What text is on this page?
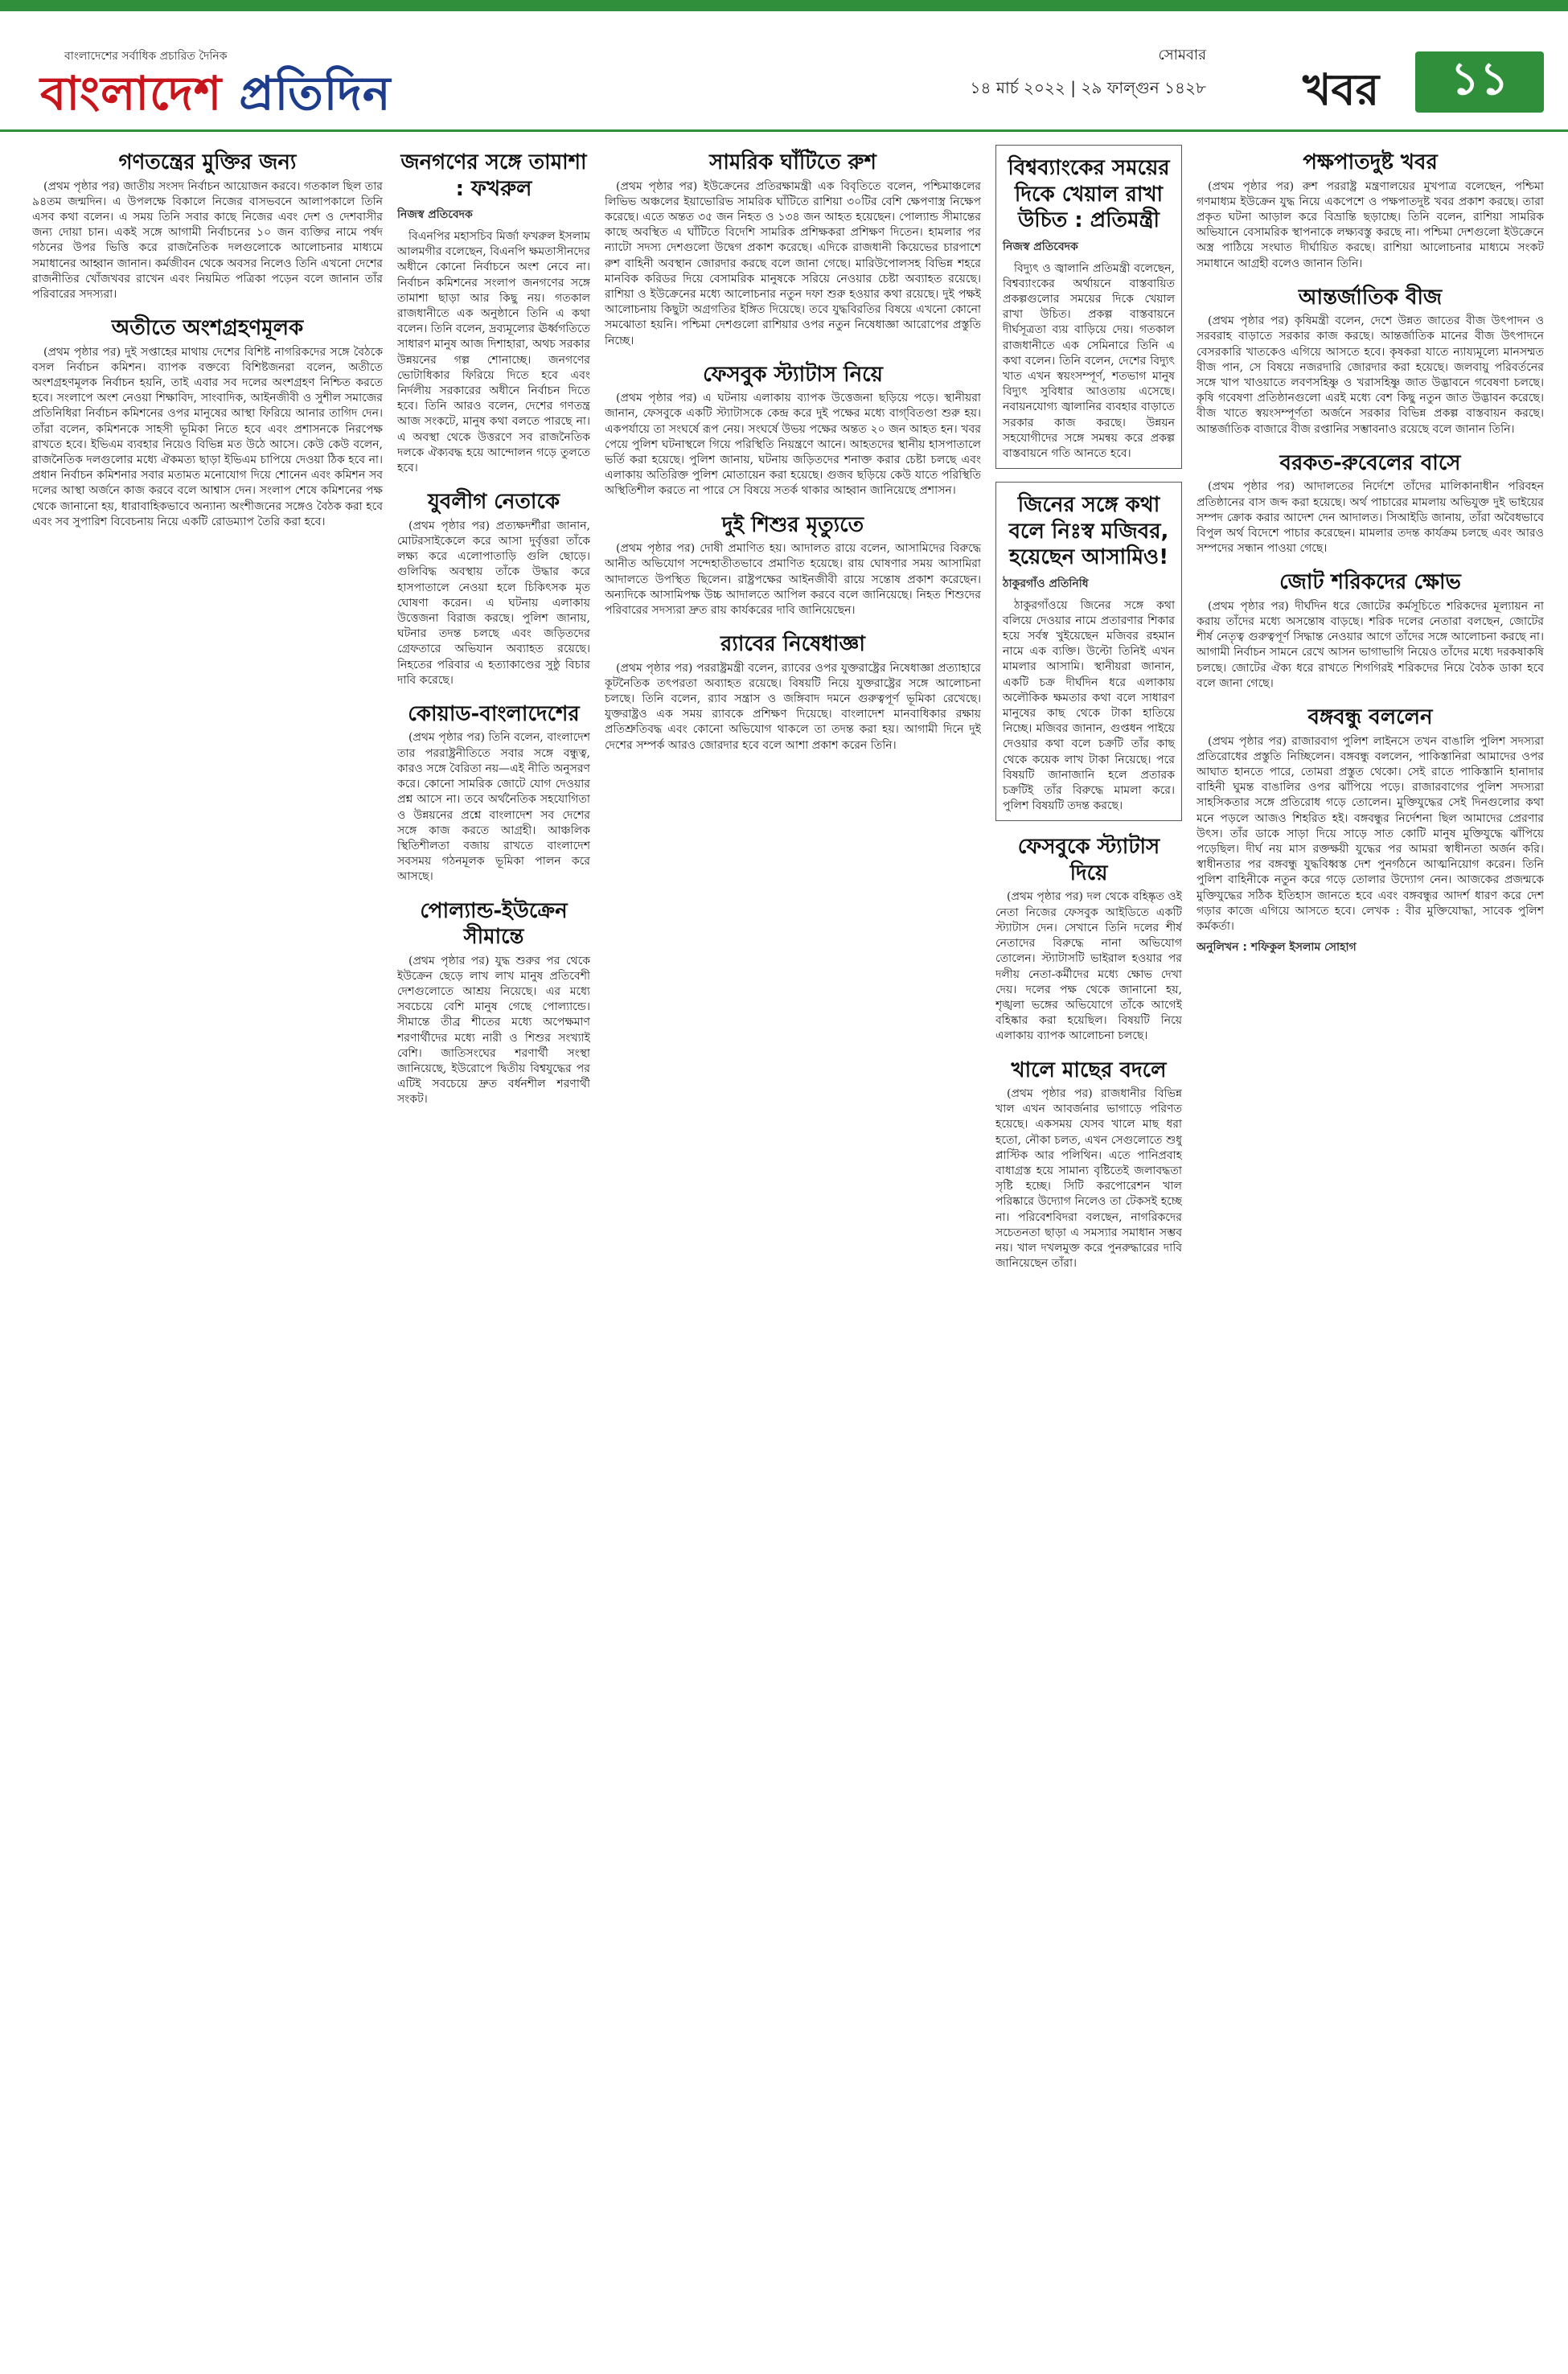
বাংলাদেশের সর্বাধিক প্রচারিত দৈনিক
বাংলাদেশ প্রতিদিন
সোমবার
১৪ মার্চ ২০২২ | ২৯ ফাল্গুন ১৪২৮ খবর	১১
গণতন্ত্রের মুক্তির জন্য

(প্রথম পৃষ্ঠার পর) জাতীয় সংসদ নির্বাচন আয়োজন করবে। গতকাল ছিল তার ৯৪তম জন্মদিন। এ উপলক্ষে বিকালে নিজের বাসভবনে আলাপকালে তিনি এসব কথা বলেন। এ সময় তিনি সবার কাছে নিজের এবং দেশ ও দেশবাসীর জন্য দোয়া চান। একই সঙ্গে আগামী নির্বাচনের ১০ জন ব্যক্তির নামে পর্ষদ গঠনের উপর ভিত্তি করে রাজনৈতিক দলগুলোকে আলোচনার মাধ্যমে সমাধানের আহ্বান জানান। কর্মজীবন থেকে অবসর নিলেও তিনি এখনো দেশের রাজনীতির খোঁজখবর রাখেন এবং নিয়মিত পত্রিকা পড়েন বলে জানান তাঁর পরিবারের সদস্যরা।

অতীতে অংশগ্রহণমূলক

(প্রথম পৃষ্ঠার পর) দুই সপ্তাহের মাথায় দেশের বিশিষ্ট নাগরিকদের সঙ্গে বৈঠকে বসল নির্বাচন কমিশন। ব্যাপক বক্তব্যে বিশিষ্টজনরা বলেন, অতীতে অংশগ্রহণমূলক নির্বাচন হয়নি, তাই এবার সব দলের অংশগ্রহণ নিশ্চিত করতে হবে। সংলাপে অংশ নেওয়া শিক্ষাবিদ, সাংবাদিক, আইনজীবী ও সুশীল সমাজের প্রতিনিধিরা নির্বাচন কমিশনের ওপর মানুষের আস্থা ফিরিয়ে আনার তাগিদ দেন। তাঁরা বলেন, কমিশনকে সাহসী ভূমিকা নিতে হবে এবং প্রশাসনকে নিরপেক্ষ রাখতে হবে। ইভিএম ব্যবহার নিয়েও বিভিন্ন মত উঠে আসে। কেউ কেউ বলেন, রাজনৈতিক দলগুলোর মধ্যে ঐকমত্য ছাড়া ইভিএম চাপিয়ে দেওয়া ঠিক হবে না। প্রধান নির্বাচন কমিশনার সবার মতামত মনোযোগ দিয়ে শোনেন এবং কমিশন সব দলের আস্থা অর্জনে কাজ করবে বলে আশ্বাস দেন। সংলাপ শেষে কমিশনের পক্ষ থেকে জানানো হয়, ধারাবাহিকভাবে অন্যান্য অংশীজনের সঙ্গেও বৈঠক করা হবে এবং সব সুপারিশ বিবেচনায় নিয়ে একটি রোডম্যাপ তৈরি করা হবে।

জনগণের সঙ্গে তামাশা : ফখরুল
নিজস্ব প্রতিবেদক

বিএনপির মহাসচিব মির্জা ফখরুল ইসলাম আলমগীর বলেছেন, বিএনপি ক্ষমতাসীনদের অধীনে কোনো নির্বাচনে অংশ নেবে না। নির্বাচন কমিশনের সংলাপ জনগণের সঙ্গে তামাশা ছাড়া আর কিছু নয়। গতকাল রাজধানীতে এক অনুষ্ঠানে তিনি এ কথা বলেন। তিনি বলেন, দ্রব্যমূল্যের ঊর্ধ্বগতিতে সাধারণ মানুষ আজ দিশাহারা, অথচ সরকার উন্নয়নের গল্প শোনাচ্ছে। জনগণের ভোটাধিকার ফিরিয়ে দিতে হবে এবং নির্দলীয় সরকারের অধীনে নির্বাচন দিতে হবে। তিনি আরও বলেন, দেশের গণতন্ত্র আজ সংকটে, মানুষ কথা বলতে পারছে না। এ অবস্থা থেকে উত্তরণে সব রাজনৈতিক দলকে ঐক্যবদ্ধ হয়ে আন্দোলন গড়ে তুলতে হবে।

যুবলীগ নেতাকে

(প্রথম পৃষ্ঠার পর) প্রত্যক্ষদর্শীরা জানান, মোটরসাইকেলে করে আসা দুর্বৃত্তরা তাঁকে লক্ষ্য করে এলোপাতাড়ি গুলি ছোড়ে। গুলিবিদ্ধ অবস্থায় তাঁকে উদ্ধার করে হাসপাতালে নেওয়া হলে চিকিৎসক মৃত ঘোষণা করেন। এ ঘটনায় এলাকায় উত্তেজনা বিরাজ করছে। পুলিশ জানায়, ঘটনার তদন্ত চলছে এবং জড়িতদের গ্রেফতারে অভিযান অব্যাহত রয়েছে। নিহতের পরিবার এ হত্যাকাণ্ডের সুষ্ঠু বিচার দাবি করেছে।

কোয়াড-বাংলাদেশের

(প্রথম পৃষ্ঠার পর) তিনি বলেন, বাংলাদেশ তার পররাষ্ট্রনীতিতে সবার সঙ্গে বন্ধুত্ব, কারও সঙ্গে বৈরিতা নয়—এই নীতি অনুসরণ করে। কোনো সামরিক জোটে যোগ দেওয়ার প্রশ্ন আসে না। তবে অর্থনৈতিক সহযোগিতা ও উন্নয়নের প্রশ্নে বাংলাদেশ সব দেশের সঙ্গে কাজ করতে আগ্রহী। আঞ্চলিক স্থিতিশীলতা বজায় রাখতে বাংলাদেশ সবসময় গঠনমূলক ভূমিকা পালন করে আসছে।

পোল্যান্ড-ইউক্রেন সীমান্তে

(প্রথম পৃষ্ঠার পর) যুদ্ধ শুরুর পর থেকে ইউক্রেন ছেড়ে লাখ লাখ মানুষ প্রতিবেশী দেশগুলোতে আশ্রয় নিয়েছে। এর মধ্যে সবচেয়ে বেশি মানুষ গেছে পোল্যান্ডে। সীমান্তে তীব্র শীতের মধ্যে অপেক্ষমাণ শরণার্থীদের মধ্যে নারী ও শিশুর সংখ্যাই বেশি। জাতিসংঘের শরণার্থী সংস্থা জানিয়েছে, ইউরোপে দ্বিতীয় বিশ্বযুদ্ধের পর এটিই সবচেয়ে দ্রুত বর্ধনশীল শরণার্থী সংকট।

সামরিক ঘাঁটিতে রুশ

(প্রথম পৃষ্ঠার পর) ইউক্রেনের প্রতিরক্ষামন্ত্রী এক বিবৃতিতে বলেন, পশ্চিমাঞ্চলের লিভিভ অঞ্চলের ইয়াভোরিভ সামরিক ঘাঁটিতে রাশিয়া ৩০টির বেশি ক্ষেপণাস্ত্র নিক্ষেপ করেছে। এতে অন্তত ৩৫ জন নিহত ও ১৩৪ জন আহত হয়েছেন। পোল্যান্ড সীমান্তের কাছে অবস্থিত এ ঘাঁটিতে বিদেশি সামরিক প্রশিক্ষকরা প্রশিক্ষণ দিতেন। হামলার পর ন্যাটো সদস্য দেশগুলো উদ্বেগ প্রকাশ করেছে। এদিকে রাজধানী কিয়েভের চারপাশে রুশ বাহিনী অবস্থান জোরদার করছে বলে জানা গেছে। মারিউপোলসহ বিভিন্ন শহরে মানবিক করিডর দিয়ে বেসামরিক মানুষকে সরিয়ে নেওয়ার চেষ্টা অব্যাহত রয়েছে। রাশিয়া ও ইউক্রেনের মধ্যে আলোচনার নতুন দফা শুরু হওয়ার কথা রয়েছে। দুই পক্ষই আলোচনায় কিছুটা অগ্রগতির ইঙ্গিত দিয়েছে। তবে যুদ্ধবিরতির বিষয়ে এখনো কোনো সমঝোতা হয়নি। পশ্চিমা দেশগুলো রাশিয়ার ওপর নতুন নিষেধাজ্ঞা আরোপের প্রস্তুতি নিচ্ছে।

ফেসবুক স্ট্যাটাস নিয়ে

(প্রথম পৃষ্ঠার পর) এ ঘটনায় এলাকায় ব্যাপক উত্তেজনা ছড়িয়ে পড়ে। স্থানীয়রা জানান, ফেসবুকে একটি স্ট্যাটাসকে কেন্দ্র করে দুই পক্ষের মধ্যে বাগ্‌বিতণ্ডা শুরু হয়। একপর্যায়ে তা সংঘর্ষে রূপ নেয়। সংঘর্ষে উভয় পক্ষের অন্তত ২০ জন আহত হন। খবর পেয়ে পুলিশ ঘটনাস্থলে গিয়ে পরিস্থিতি নিয়ন্ত্রণে আনে। আহতদের স্থানীয় হাসপাতালে ভর্তি করা হয়েছে। পুলিশ জানায়, ঘটনায় জড়িতদের শনাক্ত করার চেষ্টা চলছে এবং এলাকায় অতিরিক্ত পুলিশ মোতায়েন করা হয়েছে। গুজব ছড়িয়ে কেউ যাতে পরিস্থিতি অস্থিতিশীল করতে না পারে সে বিষয়ে সতর্ক থাকার আহ্বান জানিয়েছে প্রশাসন।

দুই শিশুর মৃত্যুতে

(প্রথম পৃষ্ঠার পর) দোষী প্রমাণিত হয়। আদালত রায়ে বলেন, আসামিদের বিরুদ্ধে আনীত অভিযোগ সন্দেহাতীতভাবে প্রমাণিত হয়েছে। রায় ঘোষণার সময় আসামিরা আদালতে উপস্থিত ছিলেন। রাষ্ট্রপক্ষের আইনজীবী রায়ে সন্তোষ প্রকাশ করেছেন। অন্যদিকে আসামিপক্ষ উচ্চ আদালতে আপিল করবে বলে জানিয়েছে। নিহত শিশুদের পরিবারের সদস্যরা দ্রুত রায় কার্যকরের দাবি জানিয়েছেন।

র‌্যাবের নিষেধাজ্ঞা

(প্রথম পৃষ্ঠার পর) পররাষ্ট্রমন্ত্রী বলেন, র‌্যাবের ওপর যুক্তরাষ্ট্রের নিষেধাজ্ঞা প্রত্যাহারে কূটনৈতিক তৎপরতা অব্যাহত রয়েছে। বিষয়টি নিয়ে যুক্তরাষ্ট্রের সঙ্গে আলোচনা চলছে। তিনি বলেন, র‌্যাব সন্ত্রাস ও জঙ্গিবাদ দমনে গুরুত্বপূর্ণ ভূমিকা রেখেছে। যুক্তরাষ্ট্রও এক সময় র‌্যাবকে প্রশিক্ষণ দিয়েছে। বাংলাদেশ মানবাধিকার রক্ষায় প্রতিশ্রুতিবদ্ধ এবং কোনো অভিযোগ থাকলে তা তদন্ত করা হয়। আগামী দিনে দুই দেশের সম্পর্ক আরও জোরদার হবে বলে আশা প্রকাশ করেন তিনি।

বিশ্বব্যাংকের সময়ের দিকে খেয়াল রাখা উচিত : প্রতিমন্ত্রী
নিজস্ব প্রতিবেদক

বিদ্যুৎ ও জ্বালানি প্রতিমন্ত্রী বলেছেন, বিশ্বব্যাংকের অর্থায়নে বাস্তবায়িত প্রকল্পগুলোর সময়ের দিকে খেয়াল রাখা উচিত। প্রকল্প বাস্তবায়নে দীর্ঘসূত্রতা ব্যয় বাড়িয়ে দেয়। গতকাল রাজধানীতে এক সেমিনারে তিনি এ কথা বলেন। তিনি বলেন, দেশের বিদ্যুৎ খাত এখন স্বয়ংসম্পূর্ণ, শতভাগ মানুষ বিদ্যুৎ সুবিধার আওতায় এসেছে। নবায়নযোগ্য জ্বালানির ব্যবহার বাড়াতে সরকার কাজ করছে। উন্নয়ন সহযোগীদের সঙ্গে সমন্বয় করে প্রকল্প বাস্তবায়নে গতি আনতে হবে।

জিনের সঙ্গে কথা বলে নিঃস্ব মজিবর, হয়েছেন আসামিও!
ঠাকুরগাঁও প্রতিনিধি

ঠাকুরগাঁওয়ে জিনের সঙ্গে কথা বলিয়ে দেওয়ার নামে প্রতারণার শিকার হয়ে সর্বস্ব খুইয়েছেন মজিবর রহমান নামে এক ব্যক্তি। উল্টো তিনিই এখন মামলার আসামি। স্থানীয়রা জানান, একটি চক্র দীর্ঘদিন ধরে এলাকায় অলৌকিক ক্ষমতার কথা বলে সাধারণ মানুষের কাছ থেকে টাকা হাতিয়ে নিচ্ছে। মজিবর জানান, গুপ্তধন পাইয়ে দেওয়ার কথা বলে চক্রটি তাঁর কাছ থেকে কয়েক লাখ টাকা নিয়েছে। পরে বিষয়টি জানাজানি হলে প্রতারক চক্রটিই তাঁর বিরুদ্ধে মামলা করে। পুলিশ বিষয়টি তদন্ত করছে।

ফেসবুকে স্ট্যাটাস দিয়ে

(প্রথম পৃষ্ঠার পর) দল থেকে বহিষ্কৃত ওই নেতা নিজের ফেসবুক আইডিতে একটি স্ট্যাটাস দেন। সেখানে তিনি দলের শীর্ষ নেতাদের বিরুদ্ধে নানা অভিযোগ তোলেন। স্ট্যাটাসটি ভাইরাল হওয়ার পর দলীয় নেতা-কর্মীদের মধ্যে ক্ষোভ দেখা দেয়। দলের পক্ষ থেকে জানানো হয়, শৃঙ্খলা ভঙ্গের অভিযোগে তাঁকে আগেই বহিষ্কার করা হয়েছিল। বিষয়টি নিয়ে এলাকায় ব্যাপক আলোচনা চলছে।

খালে মাছের বদলে

(প্রথম পৃষ্ঠার পর) রাজধানীর বিভিন্ন খাল এখন আবর্জনার ভাগাড়ে পরিণত হয়েছে। একসময় যেসব খালে মাছ ধরা হতো, নৌকা চলত, এখন সেগুলোতে শুধু প্লাস্টিক আর পলিথিন। এতে পানিপ্রবাহ বাধাগ্রস্ত হয়ে সামান্য বৃষ্টিতেই জলাবদ্ধতা সৃষ্টি হচ্ছে। সিটি করপোরেশন খাল পরিষ্কারে উদ্যোগ নিলেও তা টেকসই হচ্ছে না। পরিবেশবিদরা বলছেন, নাগরিকদের সচেতনতা ছাড়া এ সমস্যার সমাধান সম্ভব নয়। খাল দখলমুক্ত করে পুনরুদ্ধারের দাবি জানিয়েছেন তাঁরা।

পক্ষপাতদুষ্ট খবর

(প্রথম পৃষ্ঠার পর) রুশ পররাষ্ট্র মন্ত্রণালয়ের মুখপাত্র বলেছেন, পশ্চিমা গণমাধ্যম ইউক্রেন যুদ্ধ নিয়ে একপেশে ও পক্ষপাতদুষ্ট খবর প্রকাশ করছে। তারা প্রকৃত ঘটনা আড়াল করে বিভ্রান্তি ছড়াচ্ছে। তিনি বলেন, রাশিয়া সামরিক অভিযানে বেসামরিক স্থাপনাকে লক্ষ্যবস্তু করছে না। পশ্চিমা দেশগুলো ইউক্রেনে অস্ত্র পাঠিয়ে সংঘাত দীর্ঘায়িত করছে। রাশিয়া আলোচনার মাধ্যমে সংকট সমাধানে আগ্রহী বলেও জানান তিনি।

আন্তর্জাতিক বীজ

(প্রথম পৃষ্ঠার পর) কৃষিমন্ত্রী বলেন, দেশে উন্নত জাতের বীজ উৎপাদন ও সরবরাহ বাড়াতে সরকার কাজ করছে। আন্তর্জাতিক মানের বীজ উৎপাদনে বেসরকারি খাতকেও এগিয়ে আসতে হবে। কৃষকরা যাতে ন্যায্যমূল্যে মানসম্মত বীজ পান, সে বিষয়ে নজরদারি জোরদার করা হয়েছে। জলবায়ু পরিবর্তনের সঙ্গে খাপ খাওয়াতে লবণসহিষ্ণু ও খরাসহিষ্ণু জাত উদ্ভাবনে গবেষণা চলছে। কৃষি গবেষণা প্রতিষ্ঠানগুলো এরই মধ্যে বেশ কিছু নতুন জাত উদ্ভাবন করেছে। বীজ খাতে স্বয়ংসম্পূর্ণতা অর্জনে সরকার বিভিন্ন প্রকল্প বাস্তবায়ন করছে। আন্তর্জাতিক বাজারে বীজ রপ্তানির সম্ভাবনাও রয়েছে বলে জানান তিনি।

বরকত-রুবেলের বাসে

(প্রথম পৃষ্ঠার পর) আদালতের নির্দেশে তাঁদের মালিকানাধীন পরিবহন প্রতিষ্ঠানের বাস জব্দ করা হয়েছে। অর্থ পাচারের মামলায় অভিযুক্ত দুই ভাইয়ের সম্পদ ক্রোক করার আদেশ দেন আদালত। সিআইডি জানায়, তাঁরা অবৈধভাবে বিপুল অর্থ বিদেশে পাচার করেছেন। মামলার তদন্ত কার্যক্রম চলছে এবং আরও সম্পদের সন্ধান পাওয়া গেছে।

জোট শরিকদের ক্ষোভ

(প্রথম পৃষ্ঠার পর) দীর্ঘদিন ধরে জোটের কর্মসূচিতে শরিকদের মূল্যায়ন না করায় তাঁদের মধ্যে অসন্তোষ বাড়ছে। শরিক দলের নেতারা বলছেন, জোটের শীর্ষ নেতৃত্ব গুরুত্বপূর্ণ সিদ্ধান্ত নেওয়ার আগে তাঁদের সঙ্গে আলোচনা করছে না। আগামী নির্বাচন সামনে রেখে আসন ভাগাভাগি নিয়েও তাঁদের মধ্যে দরকষাকষি চলছে। জোটের ঐক্য ধরে রাখতে শিগগিরই শরিকদের নিয়ে বৈঠক ডাকা হবে বলে জানা গেছে।

বঙ্গবন্ধু বললেন

(প্রথম পৃষ্ঠার পর) রাজারবাগ পুলিশ লাইনসে তখন বাঙালি পুলিশ সদস্যরা প্রতিরোধের প্রস্তুতি নিচ্ছিলেন। বঙ্গবন্ধু বললেন, পাকিস্তানিরা আমাদের ওপর আঘাত হানতে পারে, তোমরা প্রস্তুত থেকো। সেই রাতে পাকিস্তানি হানাদার বাহিনী ঘুমন্ত বাঙালির ওপর ঝাঁপিয়ে পড়ে। রাজারবাগের পুলিশ সদস্যরা সাহসিকতার সঙ্গে প্রতিরোধ গড়ে তোলেন। মুক্তিযুদ্ধের সেই দিনগুলোর কথা মনে পড়লে আজও শিহরিত হই। বঙ্গবন্ধুর নির্দেশনা ছিল আমাদের প্রেরণার উৎস। তাঁর ডাকে সাড়া দিয়ে সাড়ে সাত কোটি মানুষ মুক্তিযুদ্ধে ঝাঁপিয়ে পড়েছিল। দীর্ঘ নয় মাস রক্তক্ষয়ী যুদ্ধের পর আমরা স্বাধীনতা অর্জন করি। স্বাধীনতার পর বঙ্গবন্ধু যুদ্ধবিধ্বস্ত দেশ পুনর্গঠনে আত্মনিয়োগ করেন। তিনি পুলিশ বাহিনীকে নতুন করে গড়ে তোলার উদ্যোগ নেন। আজকের প্রজন্মকে মুক্তিযুদ্ধের সঠিক ইতিহাস জানতে হবে এবং বঙ্গবন্ধুর আদর্শ ধারণ করে দেশ গড়ার কাজে এগিয়ে আসতে হবে। লেখক : বীর মুক্তিযোদ্ধা, সাবেক পুলিশ কর্মকর্তা।

অনুলিখন : শফিকুল ইসলাম সোহাগ
